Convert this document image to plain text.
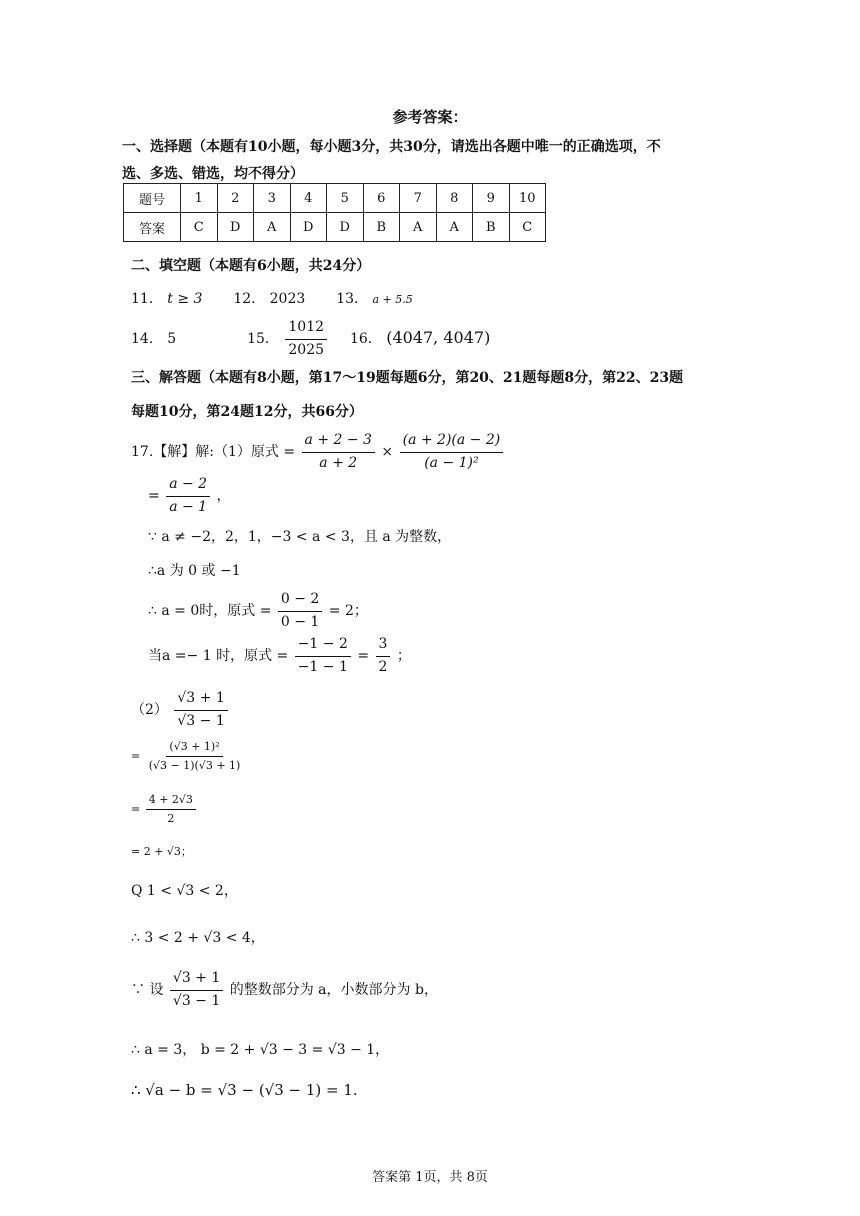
参考答案：
一、选择题（本题有10小题，每小题3分，共30分，请选出各题中唯一的正确选项，不
选、多选、错选，均不得分）
题号	1	2	3	4	5	6	7	8	9	10
答案	C	D	A	D	D	B	A	A	B	C
二、填空题（本题有6小题，共24分）
11． t ≥ 3 12． 2023 13． a + 5.5
14． 5	15． $\frac{1012}{2025} 16$． (4047, 4047)
三、解答题（本题有8小题，第17～19题每题6分，第20、21题每题8分，第22、23题
每题10分，第24题12分，共66分）
17.【解】解:（1）原式 = $\frac{a + 2 - 3}{a + 2} \times \frac{(a + 2)(a - 2)}{\text{(a − 1)²}}$
= $\frac{a - 2}{a - 1}$ ，
∵ a ≠ −2，2，1，−3 < a < 3，且 a 为整数，
∴a 为 0 或 −1
∴ a = 0时，原式 = $\frac{0 - 2}{0 - 1} = 2$；
当a =− 1 时，原式 = $\frac{-1 - 2}{-1 - 1} = \frac{3}{2}$ ；
$(2) \frac{√3 + 1}{√3 - 1}$
= $\frac{\text{(√3 + 1)²}}{(√3 - 1)(√3 + 1)}$
= $\frac{4 + 2√3}{2}$
= 2 + √3；
Q 1 < √3 < 2，
∴ 3 < 2 + √3 < 4，
∵ 设 $\frac{√3 + 1}{√3 - 1}$ 的整数部分为 a，小数部分为 b，
∴ a = 3， b = 2 + √3 − 3 = √3 − 1，
∴ √a − b = √3 − (√3 − 1) = 1.
答案第 1页，共 8页
